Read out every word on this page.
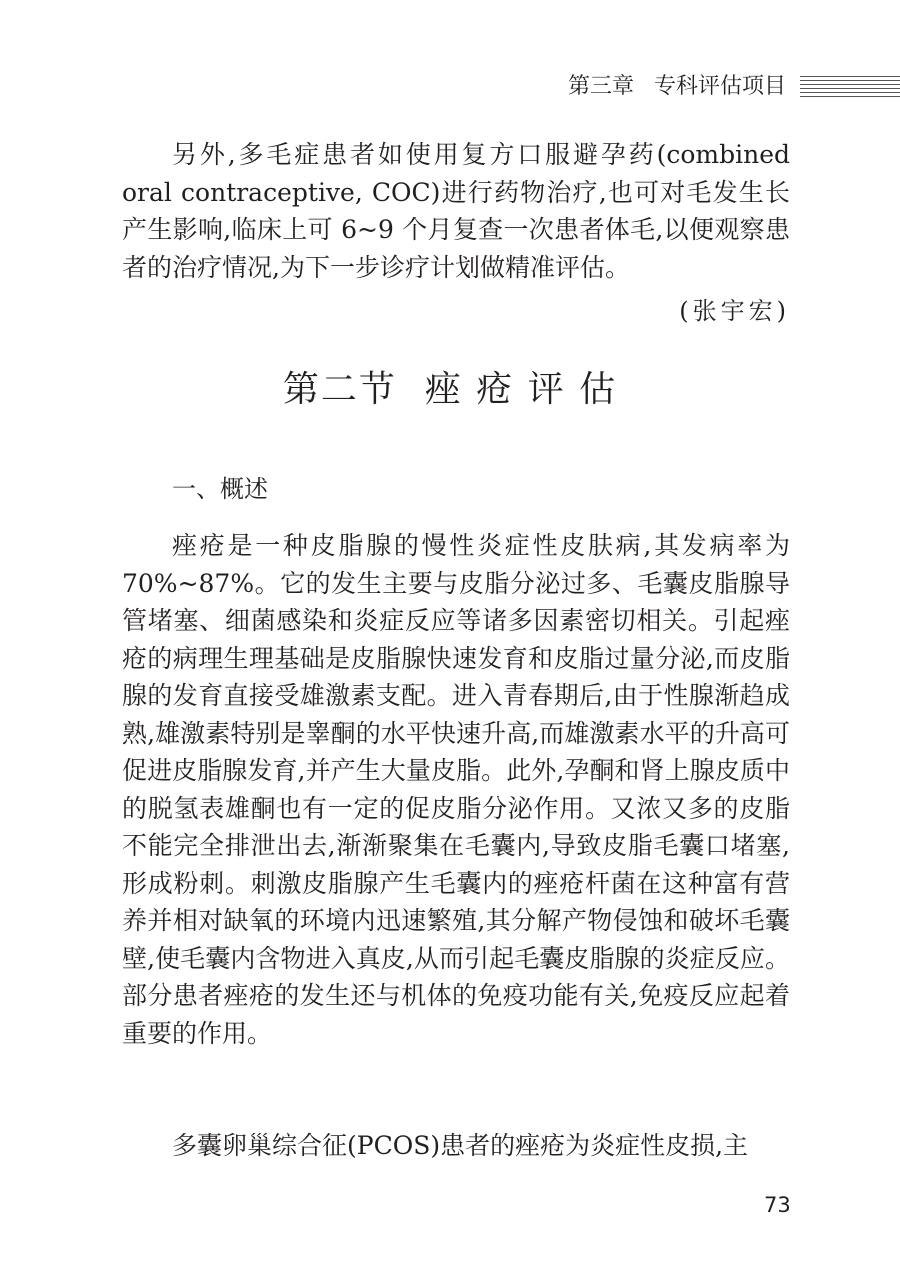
第三章 专科评估项目

另外,多毛症患者如使用复方口服避孕药(combined oral contraceptive, COC)进行药物治疗,也可对毛发生长产生影响,临床上可 6~9 个月复查一次患者体毛,以便观察患者的治疗情况,为下一步诊疗计划做精准评估。

(张宇宏)
第二节 痤 疮 评 估
一、概述

痤疮是一种皮脂腺的慢性炎症性皮肤病,其发病率为 70%~87%。它的发生主要与皮脂分泌过多、毛囊皮脂腺导管堵塞、细菌感染和炎症反应等诸多因素密切相关。引起痤疮的病理生理基础是皮脂腺快速发育和皮脂过量分泌,而皮脂腺的发育直接受雄激素支配。进入青春期后,由于性腺渐趋成熟,雄激素特别是睾酮的水平快速升高,而雄激素水平的升高可促进皮脂腺发育,并产生大量皮脂。此外,孕酮和肾上腺皮质中的脱氢表雄酮也有一定的促皮脂分泌作用。又浓又多的皮脂不能完全排泄出去,渐渐聚集在毛囊内,导致皮脂毛囊口堵塞,形成粉刺。刺激皮脂腺产生毛囊内的痤疮杆菌在这种富有营养并相对缺氧的环境内迅速繁殖,其分解产物侵蚀和破坏毛囊壁,使毛囊内含物进入真皮,从而引起毛囊皮脂腺的炎症反应。部分患者痤疮的发生还与机体的免疫功能有关,免疫反应起着重要的作用。

多囊卵巢综合征(PCOS)患者的痤疮为炎症性皮损,主

73
